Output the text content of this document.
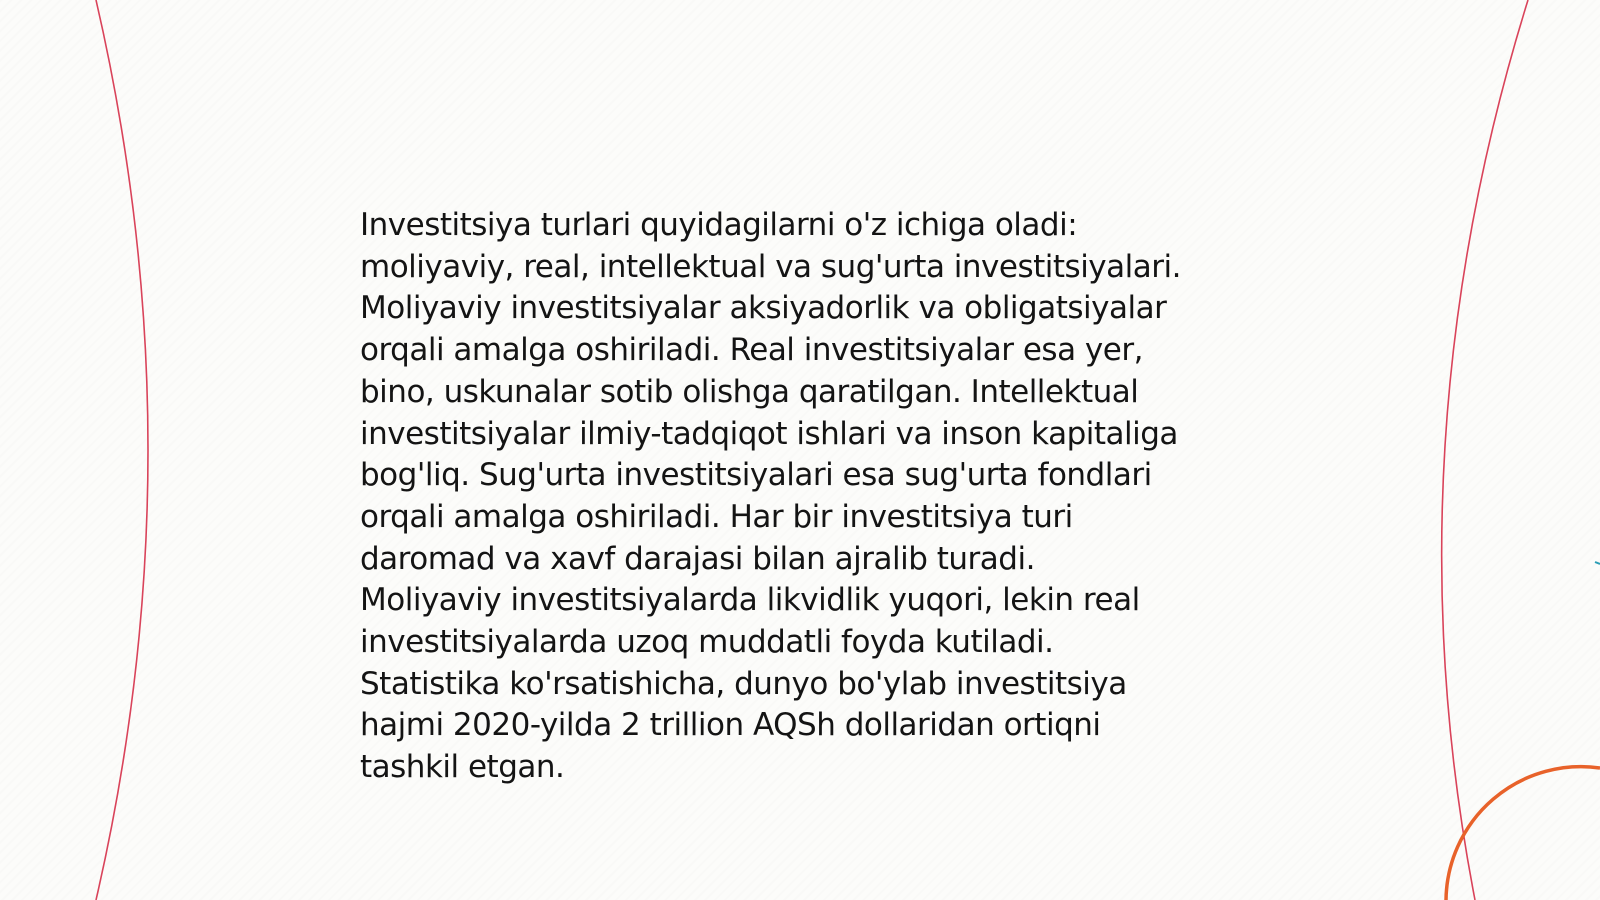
Investitsiya turlari quyidagilarni o'z ichiga oladi:
moliyaviy, real, intellektual va sug'urta investitsiyalari.
Moliyaviy investitsiyalar aksiyadorlik va obligatsiyalar
orqali amalga oshiriladi. Real investitsiyalar esa yer,
bino, uskunalar sotib olishga qaratilgan. Intellektual
investitsiyalar ilmiy-tadqiqot ishlari va inson kapitaliga
bog'liq. Sug'urta investitsiyalari esa sug'urta fondlari
orqali amalga oshiriladi. Har bir investitsiya turi
daromad va xavf darajasi bilan ajralib turadi.
Moliyaviy investitsiyalarda likvidlik yuqori, lekin real
investitsiyalarda uzoq muddatli foyda kutiladi.
Statistika ko'rsatishicha, dunyo bo'ylab investitsiya
hajmi 2020-yilda 2 trillion AQSh dollaridan ortiqni
tashkil etgan.
